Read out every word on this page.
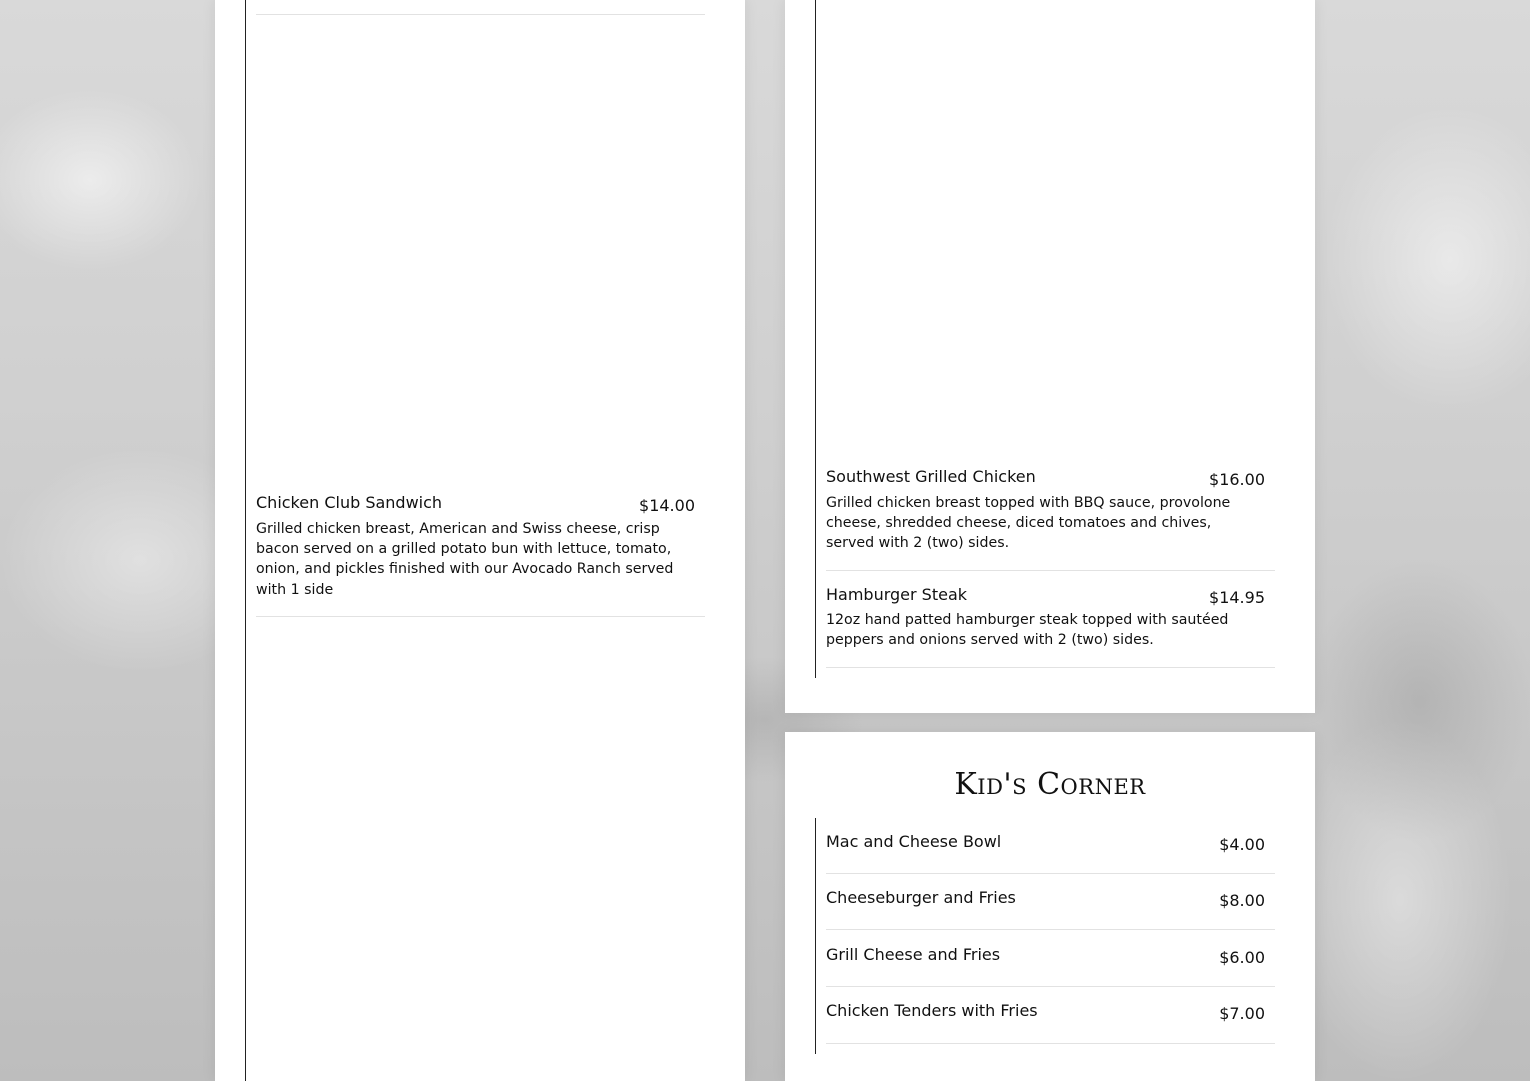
Chicken Club Sandwich	$14.00
Grilled chicken breast, American and Swiss cheese, crisp bacon served on a grilled potato bun with lettuce, tomato, onion, and pickles finished with our Avocado Ranch served with 1 side
Southwest Grilled Chicken	$16.00
Grilled chicken breast topped with BBQ sauce, provolone cheese, shredded cheese, diced tomatoes and chives, served with 2 (two) sides.
Hamburger Steak	$14.95
12oz hand patted hamburger steak topped with sautéed peppers and onions served with 2 (two) sides.
Kid's Corner
Mac and Cheese Bowl	$4.00
Cheeseburger and Fries	$8.00
Grill Cheese and Fries	$6.00
Chicken Tenders with Fries	$7.00
